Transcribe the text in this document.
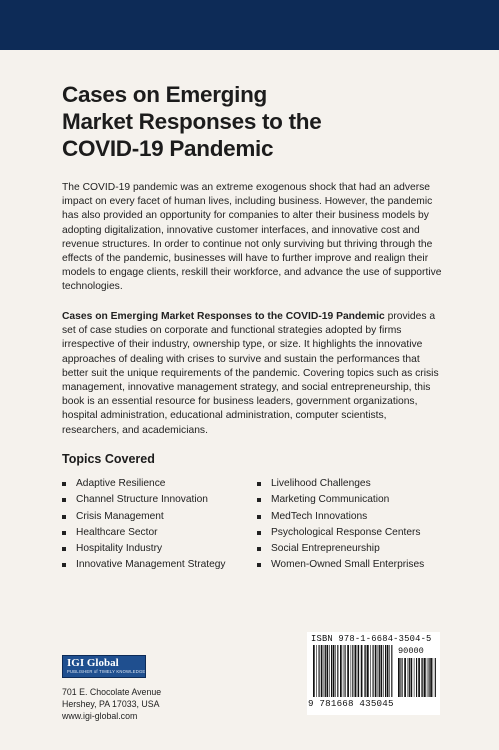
Cases on Emerging
Market Responses to the
COVID-19 Pandemic

The COVID-19 pandemic was an extreme exogenous shock that had an adverse impact on every facet of human lives, including business. However, the pandemic has also provided an opportunity for companies to alter their business models by adopting digitalization, innovative customer interfaces, and innovative cost and revenue structures. In order to continue not only surviving but thriving through the effects of the pandemic, businesses will have to further improve and realign their models to engage clients, reskill their workforce, and advance the use of supportive technologies.

Cases on Emerging Market Responses to the COVID-19 Pandemic provides a set of case studies on corporate and functional strategies adopted by firms irrespective of their industry, ownership type, or size. It highlights the innovative approaches of dealing with crises to survive and sustain the performances that better suit the unique requirements of the pandemic. Covering topics such as crisis management, innovative management strategy, and social entrepreneurship, this book is an essential resource for business leaders, government organizations, hospital administration, educational administration, computer scientists, researchers, and academicians.

Topics Covered
Adaptive Resilience
Channel Structure Innovation
Crisis Management
Healthcare Sector
Hospitality Industry
Innovative Management Strategy
Livelihood Challenges
Marketing Communication
MedTech Innovations
Psychological Response Centers
Social Entrepreneurship
Women-Owned Small Enterprises
IGI Global
PUBLISHER of TIMELY KNOWLEDGE
701 E. Chocolate Avenue
Hershey, PA 17033, USA
www.igi-global.com
ISBN 978-1-6684-3504-5
90000
9 781668 435045
